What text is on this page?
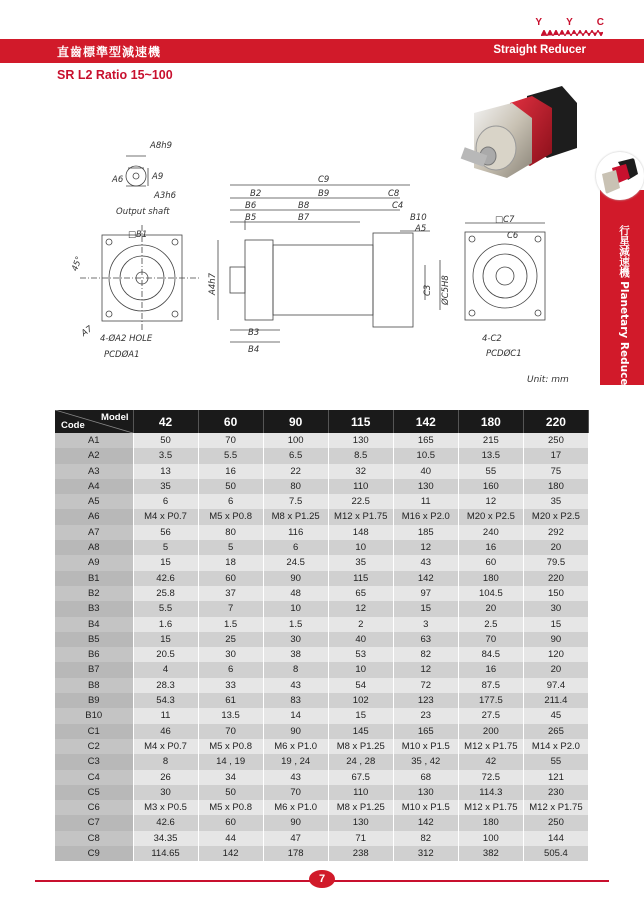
Y Y C
直齒標準型減速機	Straight Reducer
SR L2 Ratio 15~100
行星減速機 Planetary Reducer
A8h9
A9
A6
A3h6
Output shaft
□B1
45°
A7
4-ØA2 HOLE
PCDØA1
A4h7
C9
B2	B9	C8
B6	B8	C4
B5	B7	B10
A5
C3 ØC5H8
B3
B4
□C7
C6
4-C2
PCDØC1
Unit: mm
Model
Code	42	60	90	115	142	180	220
A1	50	70	100	130	165	215	250
A2	3.5	5.5	6.5	8.5	10.5	13.5	17
A3	13	16	22	32	40	55	75
A4	35	50	80	110	130	160	180
A5	6	6	7.5	22.5	11	12	35
A6	M4 x P0.7	M5 x P0.8	M8 x P1.25	M12 x P1.75	M16 x P2.0	M20 x P2.5	M20 x P2.5
A7	56	80	116	148	185	240	292
A8	5	5	6	10	12	16	20
A9	15	18	24.5	35	43	60	79.5
B1	42.6	60	90	115	142	180	220
B2	25.8	37	48	65	97	104.5	150
B3	5.5	7	10	12	15	20	30
B4	1.6	1.5	1.5	2	3	2.5	15
B5	15	25	30	40	63	70	90
B6	20.5	30	38	53	82	84.5	120
B7	4	6	8	10	12	16	20
B8	28.3	33	43	54	72	87.5	97.4
B9	54.3	61	83	102	123	177.5	211.4
B10	11	13.5	14	15	23	27.5	45
C1	46	70	90	145	165	200	265
C2	M4 x P0.7	M5 x P0.8	M6 x P1.0	M8 x P1.25	M10 x P1.5	M12 x P1.75	M14 x P2.0
C3	8	14 , 19	19 , 24	24 , 28	35 , 42	42	55
C4	26	34	43	67.5	68	72.5	121
C5	30	50	70	110	130	114.3	230
C6	M3 x P0.5	M5 x P0.8	M6 x P1.0	M8 x P1.25	M10 x P1.5	M12 x P1.75	M12 x P1.75
C7	42.6	60	90	130	142	180	250
C8	34.35	44	47	71	82	100	144
C9	114.65	142	178	238	312	382	505.4
7
